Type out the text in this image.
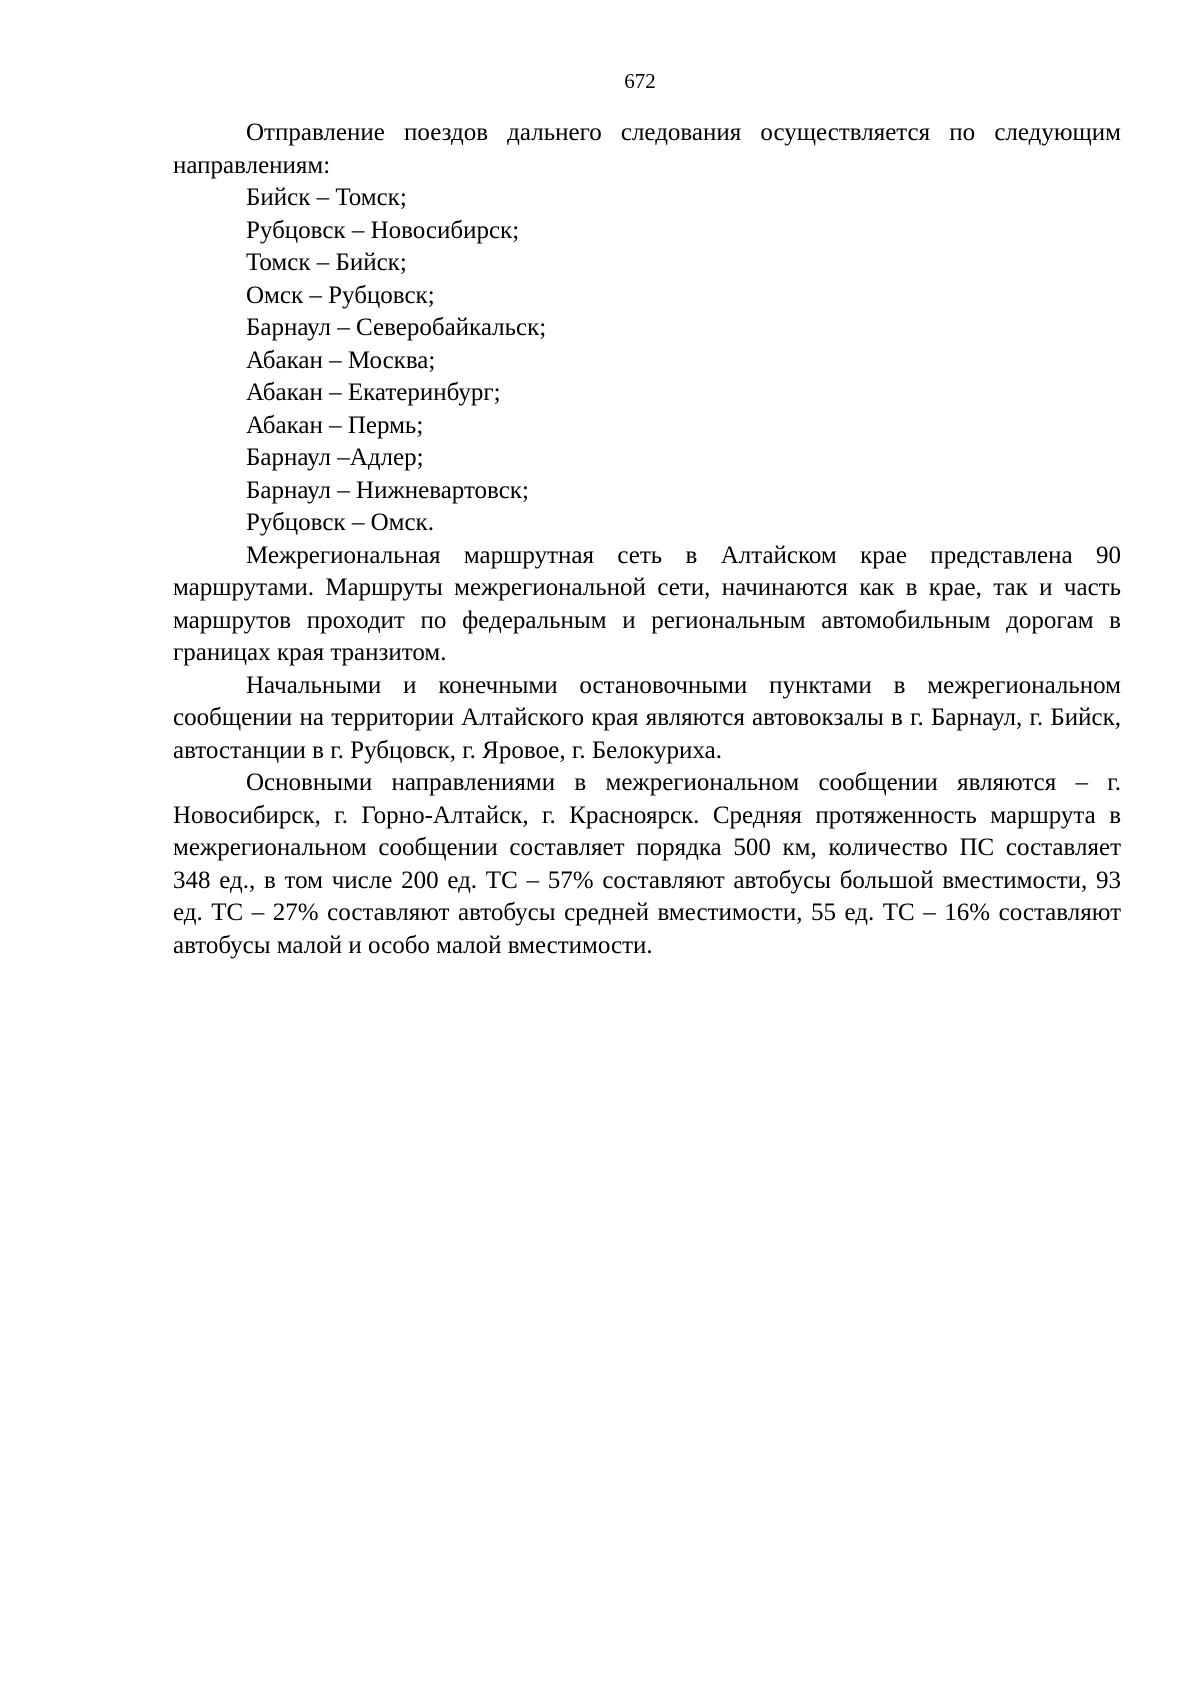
672

Отправление поездов дальнего следования осуществляется по следующим направлениям:

Бийск – Томск;
Рубцовск – Новосибирск;
Томск – Бийск;
Омск – Рубцовск;
Барнаул – Северобайкальск;
Абакан – Москва;
Абакан – Екатеринбург;
Абакан – Пермь;
Барнаул –Адлер;
Барнаул – Нижневартовск;
Рубцовск – Омск.

Межрегиональная маршрутная сеть в Алтайском крае представлена 90 маршрутами. Маршруты межрегиональной сети, начинаются как в крае, так и часть маршрутов проходит по федеральным и региональным автомобильным дорогам в границах края транзитом.

Начальными и конечными остановочными пунктами в межрегиональном сообщении на территории Алтайского края являются автовокзалы в г. Барнаул, г. Бийск, автостанции в г. Рубцовск, г. Яровое, г. Белокуриха.

Основными направлениями в межрегиональном сообщении являются – г. Новосибирск, г. Горно-Алтайск, г. Красноярск. Средняя протяженность маршрута в межрегиональном сообщении составляет порядка 500 км, количество ПС составляет 348 ед., в том числе 200 ед. ТС – 57% составляют автобусы большой вместимости, 93 ед. ТС – 27% составляют автобусы средней вместимости, 55 ед. ТС – 16% составляют автобусы малой и особо малой вместимости.
